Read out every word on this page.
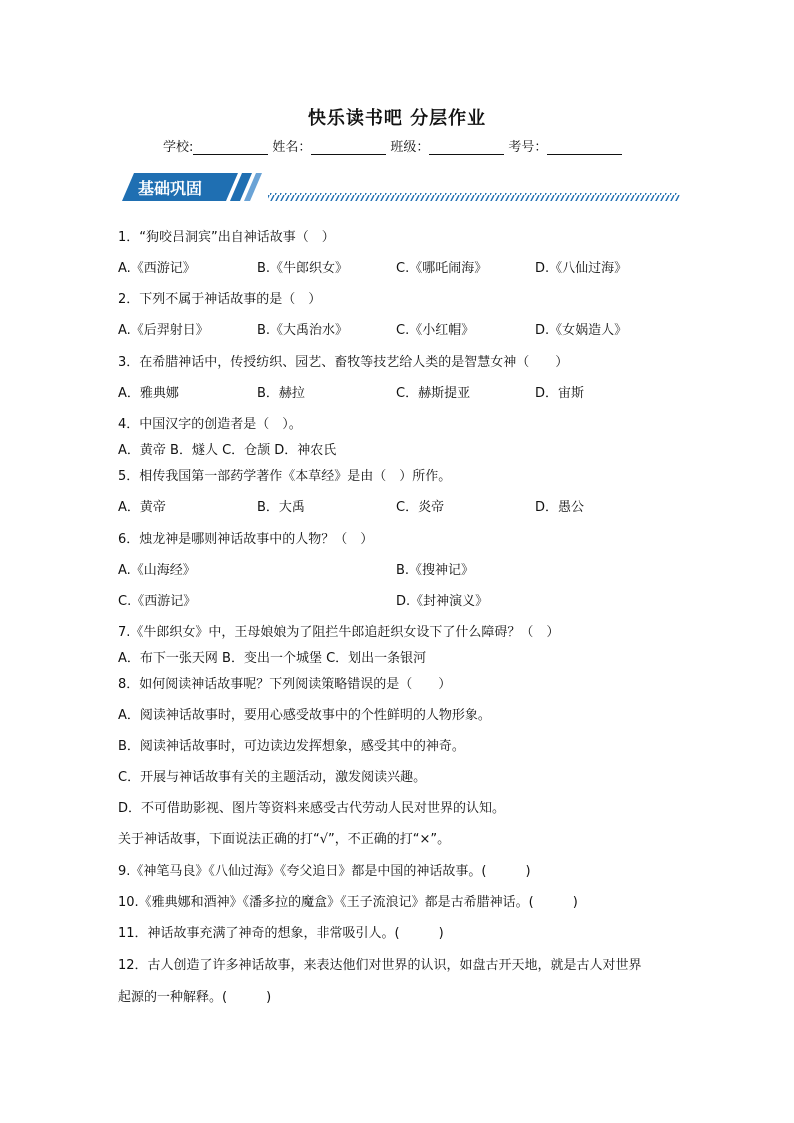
快乐读书吧 分层作业
学校:	姓名：	班级：	考号：
基础巩固
1．“狗咬吕洞宾”出自神话故事（　）
A.《西游记》	B.《牛郎织女》	C.《哪吒闹海》	D.《八仙过海》
2．下列不属于神话故事的是（　）
A.《后羿射日》	B.《大禹治水》	C.《小红帽》	D.《女娲造人》
3．在希腊神话中，传授纺织、园艺、畜牧等技艺给人类的是智慧女神（　　）
A．雅典娜	B．赫拉	C．赫斯提亚	D．宙斯
4．中国汉字的创造者是（　）。
A．黄帝 B．燧人 C．仓颉 D．神农氏
5．相传我国第一部药学著作《本草经》是由（　）所作。
A．黄帝	B．大禹	C．炎帝	D．愚公
6．烛龙神是哪则神话故事中的人物？（　）
A.《山海经》	B.《搜神记》
C.《西游记》	D.《封神演义》
7.《牛郎织女》中，王母娘娘为了阻拦牛郎追赶织女设下了什么障碍？（　）
A．布下一张天网 B．变出一个城堡 C．划出一条银河
8．如何阅读神话故事呢？下列阅读策略错误的是（　　）
A．阅读神话故事时，要用心感受故事中的个性鲜明的人物形象。
B．阅读神话故事时，可边读边发挥想象，感受其中的神奇。
C．开展与神话故事有关的主题活动，激发阅读兴趣。
D．不可借助影视、图片等资料来感受古代劳动人民对世界的认知。
关于神话故事，下面说法正确的打“√”，不正确的打“×”。
9.《神笔马良》《八仙过海》《夸父追日》都是中国的神话故事。(　　　)
10.《雅典娜和酒神》《潘多拉的魔盒》《王子流浪记》都是古希腊神话。(　　　)
11．神话故事充满了神奇的想象，非常吸引人。(　　　)
12．古人创造了许多神话故事，来表达他们对世界的认识，如盘古开天地，就是古人对世界
起源的一种解释。(　　　)
